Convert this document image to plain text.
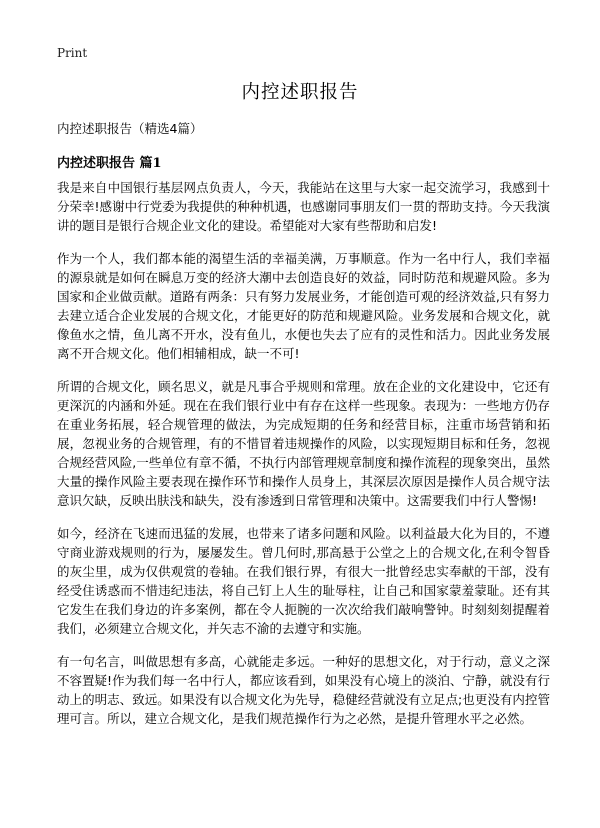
Print
内控述职报告
内控述职报告（精选4篇）
内控述职报告 篇1

我是来自中国银行基层网点负责人，今天，我能站在这里与大家一起交流学习，我感到十分荣幸!感谢中行党委为我提供的种种机遇，也感谢同事朋友们一贯的帮助支持。今天我演讲的题目是银行合规企业文化的建设。希望能对大家有些帮助和启发!

作为一个人，我们都本能的渴望生活的幸福美满，万事顺意。作为一名中行人，我们幸福的源泉就是如何在瞬息万变的经济大潮中去创造良好的效益，同时防范和规避风险。多为国家和企业做贡献。道路有两条：只有努力发展业务，才能创造可观的经济效益,只有努力去建立适合企业发展的合规文化，才能更好的防范和规避风险。业务发展和合规文化，就像鱼水之情，鱼儿离不开水，没有鱼儿，水便也失去了应有的灵性和活力。因此业务发展离不开合规文化。他们相辅相成，缺一不可!

所谓的合规文化，顾名思义，就是凡事合乎规则和常理。放在企业的文化建设中，它还有更深沉的内涵和外延。现在在我们银行业中有存在这样一些现象。表现为：一些地方仍存在重业务拓展，轻合规管理的做法，为完成短期的任务和经营目标，注重市场营销和拓展，忽视业务的合规管理，有的不惜冒着违规操作的风险，以实现短期目标和任务，忽视合规经营风险,一些单位有章不循，不执行内部管理规章制度和操作流程的现象突出，虽然大量的操作风险主要表现在操作环节和操作人员身上，其深层次原因是操作人员合规守法意识欠缺，反映出肤浅和缺失，没有渗透到日常管理和决策中。这需要我们中行人警惕!

如今，经济在飞速而迅猛的发展，也带来了诸多问题和风险。以利益最大化为目的，不遵守商业游戏规则的行为，屡屡发生。曾几何时,那高悬于公堂之上的合规文化,在利令智昏的灰尘里，成为仅供观赏的卷轴。在我们银行界，有很大一批曾经忠实奉献的干部，没有经受住诱惑而不惜违纪违法，将自己钉上人生的耻辱柱，让自己和国家蒙羞蒙耻。还有其它发生在我们身边的许多案例，都在令人扼腕的一次次给我们敲响警钟。时刻刻刻提醒着我们，必须建立合规文化，并矢志不渝的去遵守和实施。

有一句名言，叫做思想有多高，心就能走多远。一种好的思想文化，对于行动，意义之深不容置疑!作为我们每一名中行人，都应该看到，如果没有心境上的淡泊、宁静，就没有行动上的明志、致远。如果没有以合规文化为先导，稳健经营就没有立足点;也更没有内控管理可言。所以，建立合规文化，是我们规范操作行为之必然，是提升管理水平之必然。
